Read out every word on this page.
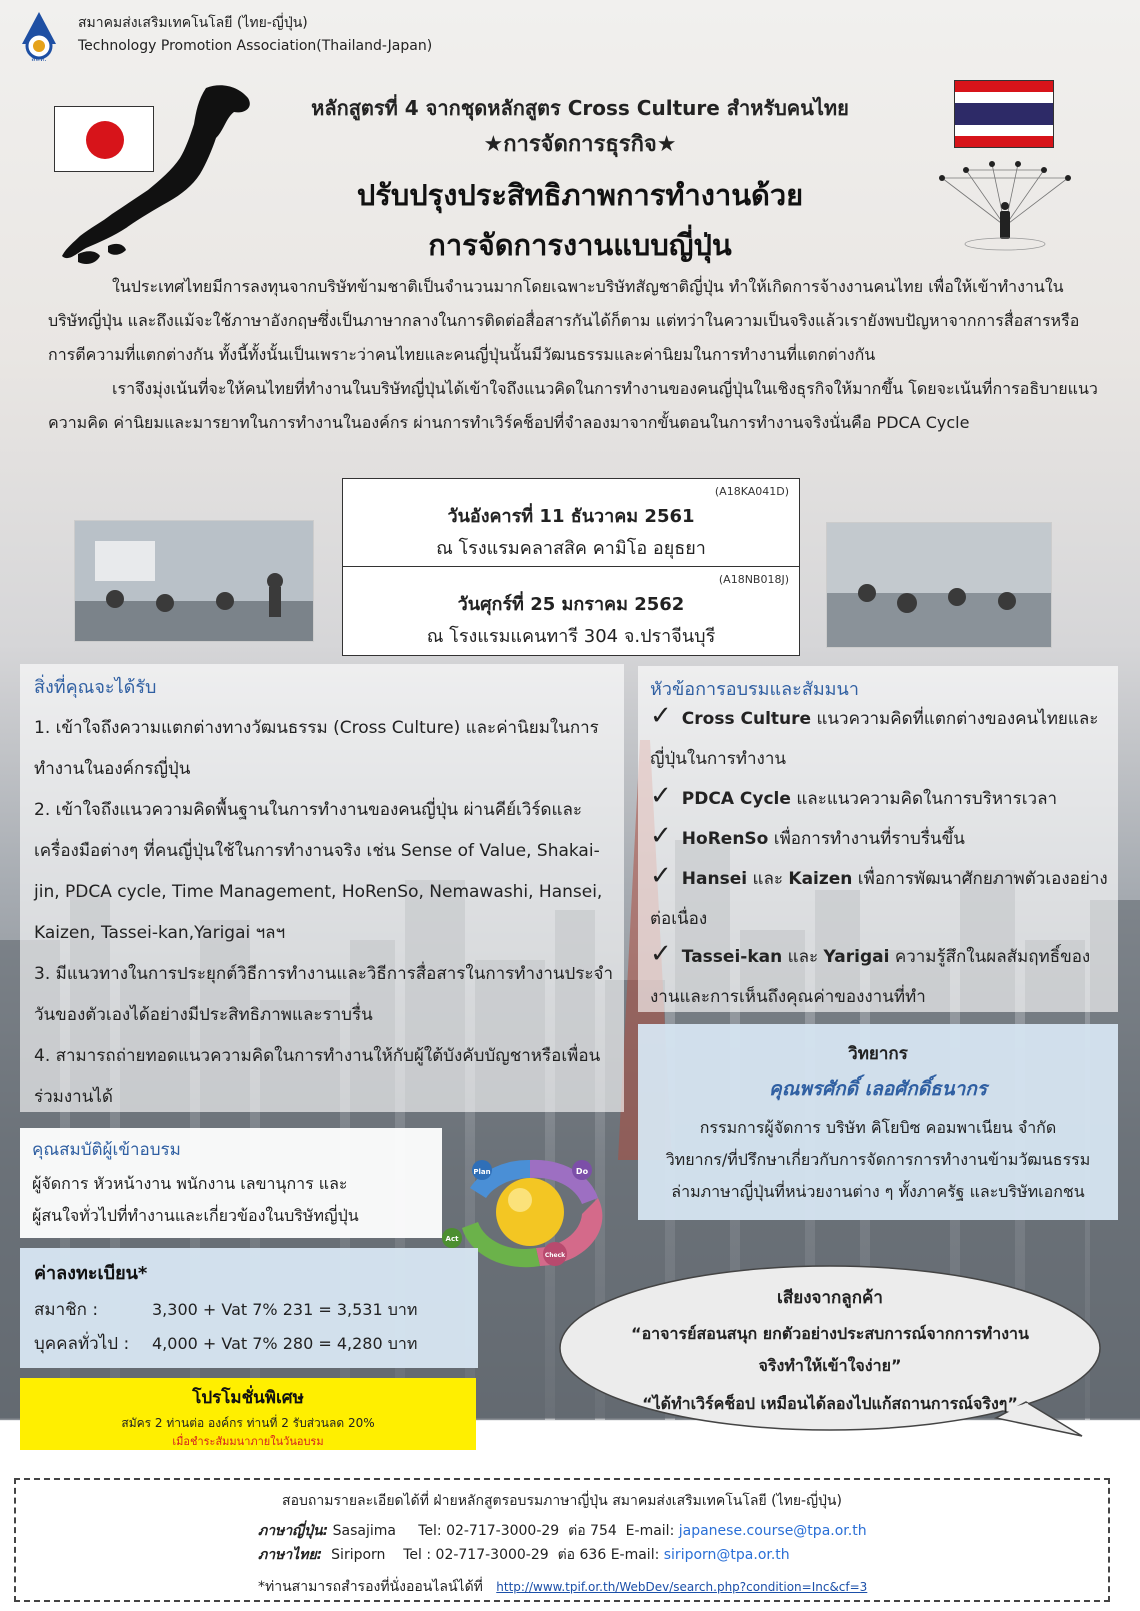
สสท.
สมาคมส่งเสริมเทคโนโลยี (ไทย-ญี่ปุ่น)
Technology Promotion Association(Thailand-Japan)
หลักสูตรที่ 4 จากชุดหลักสูตร Cross Culture สำหรับคนไทย
★การจัดการธุรกิจ★
ปรับปรุงประสิทธิภาพการทำงานด้วย
การจัดการงานแบบญี่ปุ่น

ในประเทศไทยมีการลงทุนจากบริษัทข้ามชาติเป็นจำนวนมากโดยเฉพาะบริษัทสัญชาติญี่ปุ่น ทำให้เกิดการจ้างงานคนไทย เพื่อให้เข้าทำงานในบริษัทญี่ปุ่น และถึงแม้จะใช้ภาษาอังกฤษซึ่งเป็นภาษากลางในการติดต่อสื่อสารกันได้ก็ตาม แต่ทว่าในความเป็นจริงแล้วเรายังพบปัญหาจากการสื่อสารหรือการตีความที่แตกต่างกัน ทั้งนี้ทั้งนั้นเป็นเพราะว่าคนไทยและคนญี่ปุ่นนั้นมีวัฒนธรรมและค่านิยมในการทำงานที่แตกต่างกัน

เราจึงมุ่งเน้นที่จะให้คนไทยที่ทำงานในบริษัทญี่ปุ่นได้เข้าใจถึงแนวคิดในการทำงานของคนญี่ปุ่นในเชิงธุรกิจให้มากขึ้น โดยจะเน้นที่การอธิบายแนวความคิด ค่านิยมและมารยาทในการทำงานในองค์กร ผ่านการทำเวิร์คช็อปที่จำลองมาจากขั้นตอนในการทำงานจริงนั่นคือ PDCA Cycle

(A18KA041D)
วันอังคารที่ 11 ธันวาคม 2561
ณ โรงแรมคลาสสิค คามิโอ อยุธยา
(A18NB018J)
วันศุกร์ที่ 25 มกราคม 2562
ณ โรงแรมแคนทารี 304 จ.ปราจีนบุรี
สิ่งที่คุณจะได้รับ
1. เข้าใจถึงความแตกต่างทางวัฒนธรรม (Cross Culture) และค่านิยมในการทำงานในองค์กรญี่ปุ่น
2. เข้าใจถึงแนวความคิดพื้นฐานในการทำงานของคนญี่ปุ่น ผ่านคีย์เวิร์ดและเครื่องมือต่างๆ ที่คนญี่ปุ่นใช้ในการทำงานจริง เช่น Sense of Value, Shakai-jin, PDCA cycle, Time Management, HoRenSo, Nemawashi, Hansei, Kaizen, Tassei-kan,Yarigai ฯลฯ
3. มีแนวทางในการประยุกต์วิธีการทำงานและวิธีการสื่อสารในการทำงานประจำวันของตัวเองได้อย่างมีประสิทธิภาพและราบรื่น
4. สามารถถ่ายทอดแนวความคิดในการทำงานให้กับผู้ใต้บังคับบัญชาหรือเพื่อนร่วมงานได้
หัวข้อการอบรมและสัมมนา
✓ Cross Culture แนวความคิดที่แตกต่างของคนไทยและญี่ปุ่นในการทำงาน
✓ PDCA Cycle และแนวความคิดในการบริหารเวลา
✓ HoRenSo เพื่อการทำงานที่ราบรื่นขึ้น
✓ Hansei และ Kaizen เพื่อการพัฒนาศักยภาพตัวเองอย่างต่อเนื่อง
✓ Tassei-kan และ Yarigai ความรู้สึกในผลสัมฤทธิ์ของงานและการเห็นถึงคุณค่าของงานที่ทำ
วิทยากร
คุณพรศักดิ์ เลอศักดิ์ธนากร
กรรมการผู้จัดการ บริษัท คิโยบิซ คอมพาเนียน จำกัด
วิทยากร/ที่ปรึกษาเกี่ยวกับการจัดการการทำงานข้ามวัฒนธรรม
ล่ามภาษาญี่ปุ่นที่หน่วยงานต่าง ๆ ทั้งภาครัฐ และบริษัทเอกชน
คุณสมบัติผู้เข้าอบรม
ผู้จัดการ หัวหน้างาน พนักงาน เลขานุการ และ
ผู้สนใจทั่วไปที่ทำงานและเกี่ยวข้องในบริษัทญี่ปุ่น
Plan	Do
Check
Act
ค่าลงทะเบียน*
สมาชิก :	3,300 + Vat 7% 231 = 3,531 บาท
บุคคลทั่วไป : 4,000 + Vat 7% 280 = 4,280 บาท
โปรโมชั่นพิเศษ
สมัคร 2 ท่านต่อ องค์กร ท่านที่ 2 รับส่วนลด 20%
เมื่อชำระสัมมนาภายในวันอบรม
เสียงจากลูกค้า
“อาจารย์สอนสนุก ยกตัวอย่างประสบการณ์จากการทำงาน
จริงทำให้เข้าใจง่าย”
“ได้ทำเวิร์คช็อป เหมือนได้ลองไปแก้สถานการณ์จริงๆ”
สอบถามรายละเอียดได้ที่ ฝ่ายหลักสูตรอบรมภาษาญี่ปุ่น สมาคมส่งเสริมเทคโนโลยี (ไทย-ญี่ปุ่น)
ภาษาญี่ปุ่น: Sasajima     Tel: 02-717-3000-29  ต่อ 754  E-mail: japanese.course@tpa.or.th
ภาษาไทย:  Siriporn    Tel : 02-717-3000-29  ต่อ 636 E-mail: siriporn@tpa.or.th
*ท่านสามารถสำรองที่นั่งออนไลน์ได้ที่ http://www.tpif.or.th/WebDev/search.php?condition=Inc&cf=3
